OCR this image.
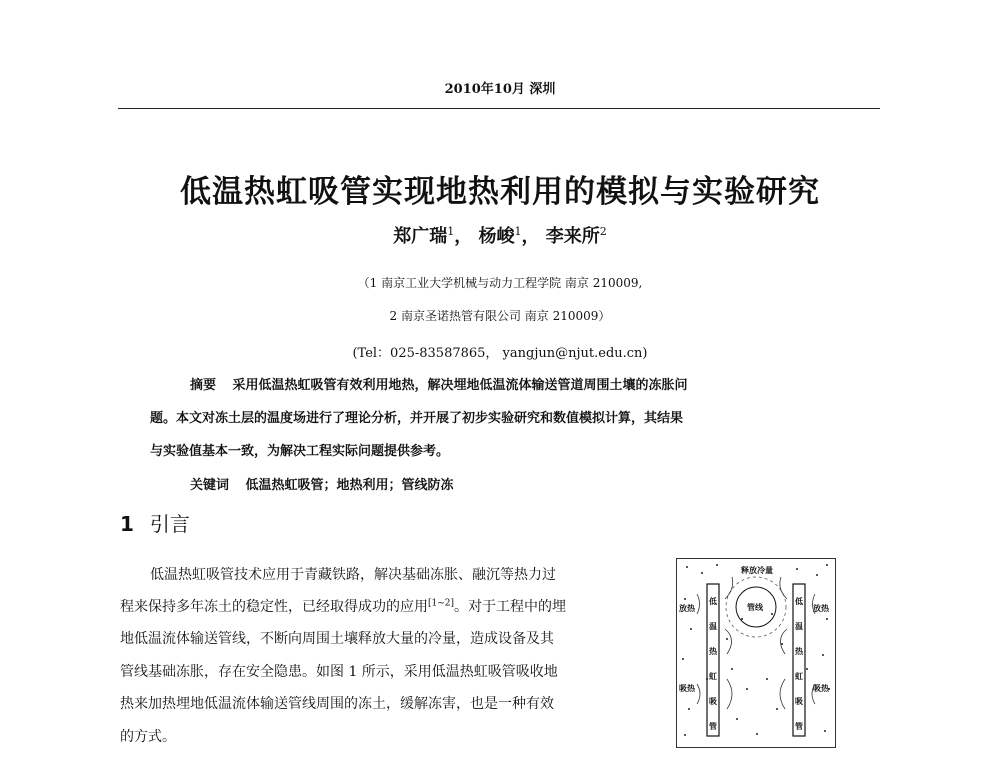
2010年10月 深圳
低温热虹吸管实现地热利用的模拟与实验研究
郑广瑞$^1$， 杨峻$^1$， 李来所$^2$
（1 南京工业大学机械与动力工程学院 南京 210009,
2 南京圣诺热管有限公司 南京 210009）
(Tel：025-83587865， yangjun@njut.edu.cn)
摘要 采用低温热虹吸管有效利用地热，解决埋地低温流体输送管道周围土壤的冻胀问
题。本文对冻土层的温度场进行了理论分析，并开展了初步实验研究和数值模拟计算，其结果
与实验值基本一致，为解决工程实际问题提供参考。
关键词 低温热虹吸管；地热利用；管线防冻
1 引言
低温热虹吸管技术应用于青藏铁路，解决基础冻胀、融沉等热力过
程来保持多年冻土的稳定性，已经取得成功的应用[1~2]。对于工程中的埋
地低温流体输送管线，不断向周围土壤释放大量的冷量，造成设备及其
管线基础冻胀，存在安全隐患。如图 1 所示，采用低温热虹吸管吸收地
热来加热埋地低温流体输送管线周围的冻土，缓解冻害，也是一种有效
的方式。
释放冷量
管线
放热	放热
吸热	吸热
低
温
热
虹
吸
管
低
温
热
虹
吸
管
